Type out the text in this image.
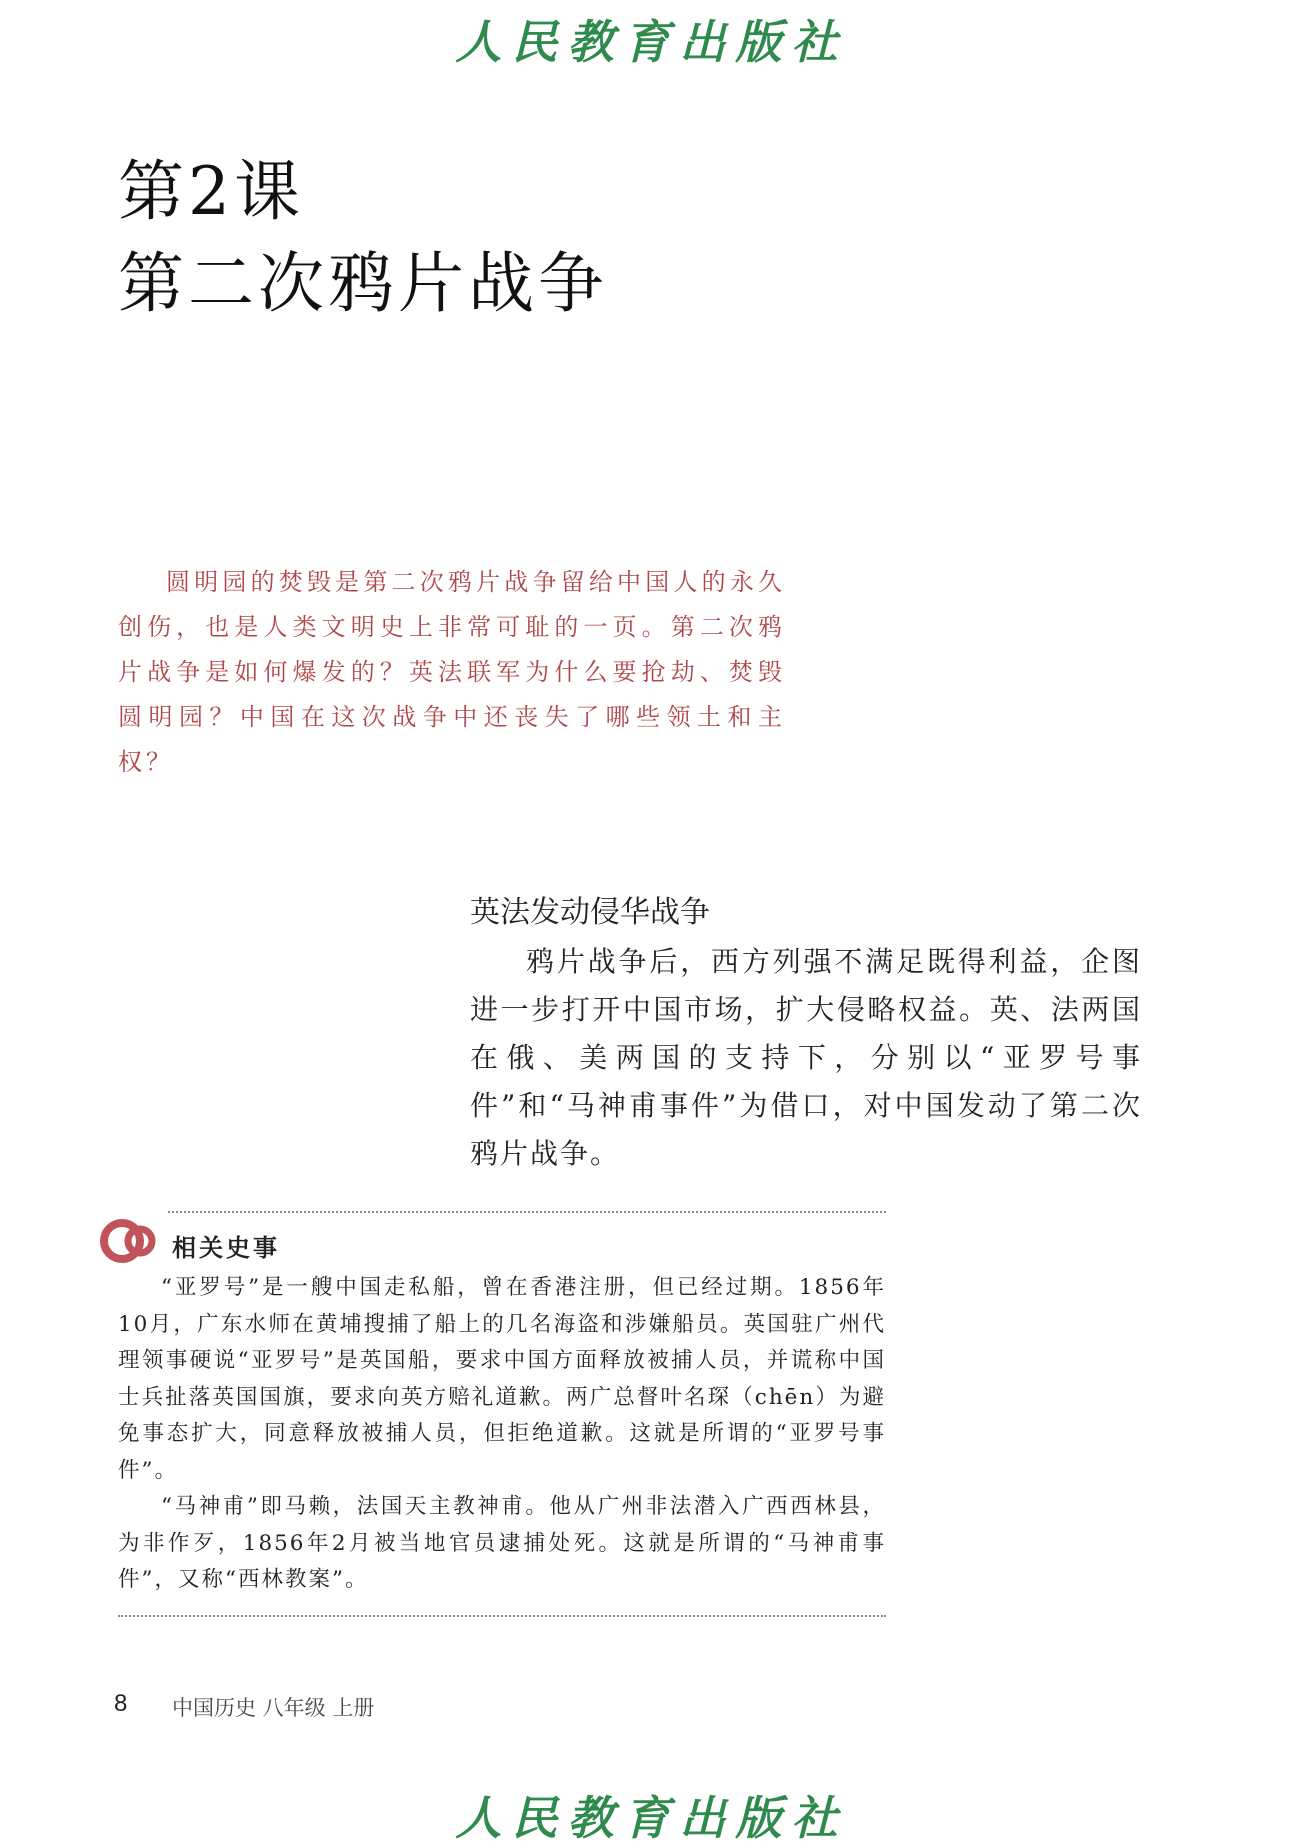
人民教育出版社
第2课
第二次鸦片战争

圆明园的焚毁是第二次鸦片战争留给中国人的永久创伤，也是人类文明史上非常可耻的一页。第二次鸦片战争是如何爆发的？英法联军为什么要抢劫、焚毁圆明园？中国在这次战争中还丧失了哪些领土和主权？

英法发动侵华战争

鸦片战争后，西方列强不满足既得利益，企图进一步打开中国市场，扩大侵略权益。英、法两国在俄、美两国的支持下，分别以“亚罗号事件”和“马神甫事件”为借口，对中国发动了第二次鸦片战争。

相关史事

“亚罗号”是一艘中国走私船，曾在香港注册，但已经过期。1856年10月，广东水师在黄埔搜捕了船上的几名海盗和涉嫌船员。英国驻广州代理领事硬说“亚罗号”是英国船，要求中国方面释放被捕人员，并谎称中国士兵扯落英国国旗，要求向英方赔礼道歉。两广总督叶名琛（chēn）为避免事态扩大，同意释放被捕人员，但拒绝道歉。这就是所谓的“亚罗号事件”。

“马神甫”即马赖，法国天主教神甫。他从广州非法潜入广西西林县，为非作歹，1856年2月被当地官员逮捕处死。这就是所谓的“马神甫事件”，又称“西林教案”。

8 中国历史 八年级 上册
人民教育出版社
